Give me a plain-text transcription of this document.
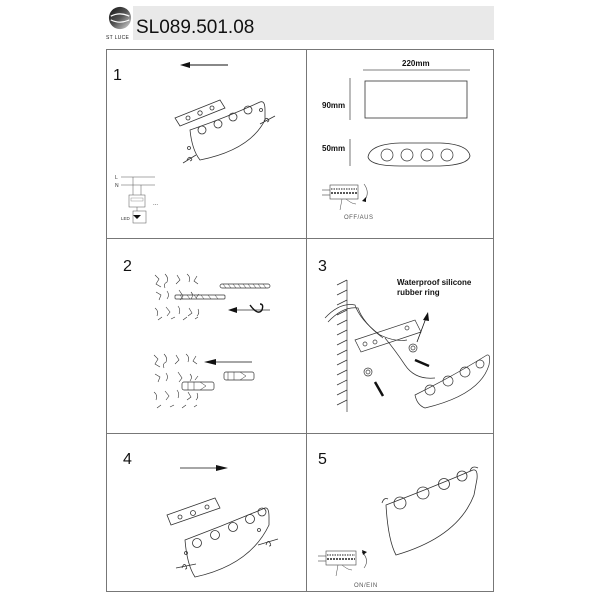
ST LUCE SL089.501.08
1
L
N
LED
...
220mm
90mm
50mm
OFF/AUS
2	3
Waterproof silicone rubber ring
4	5
ON/EIN
